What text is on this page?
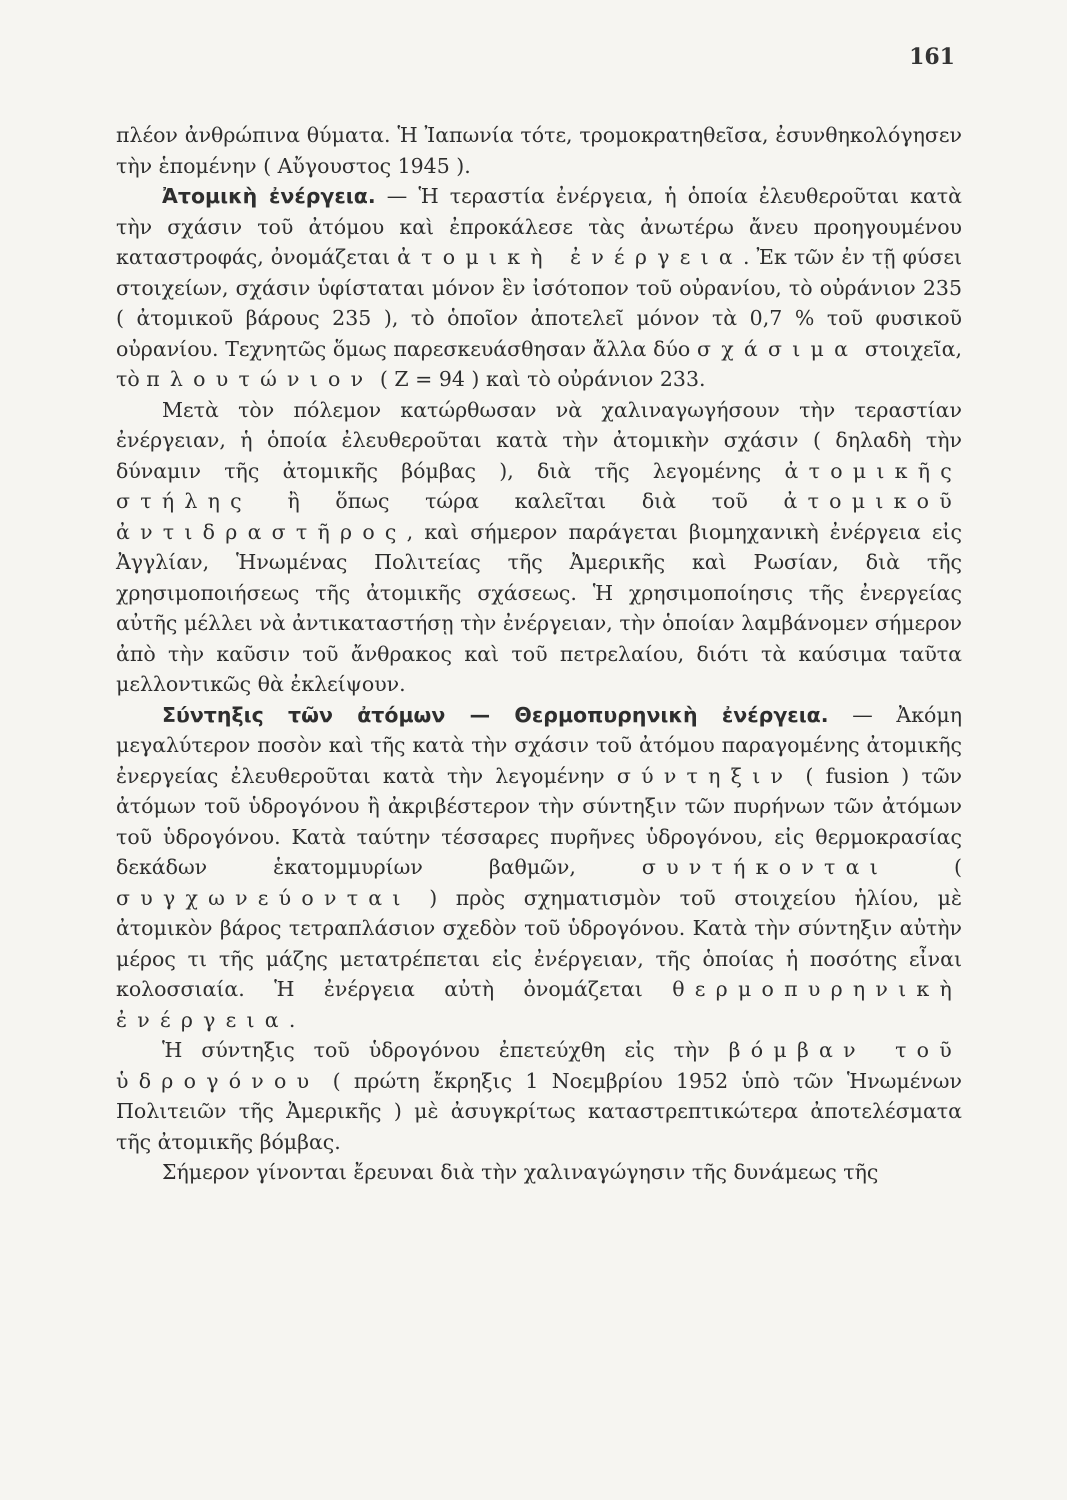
161

πλέον ἀνθρώπινα θύματα. Ἡ Ἰαπωνία τότε, τρομοκρατηθεῖσα, ἐσυνθηκολόγησεν τὴν ἑπομένην ( Αὔγουστος 1945 ).

Ἀτομικὴ ἐνέργεια. — Ἡ τεραστία ἐνέργεια, ἡ ὁποία ἐλευθεροῦται κατὰ τὴν σχάσιν τοῦ ἀτόμου καὶ ἐπροκάλεσε τὰς ἀνωτέρω ἄνευ προηγουμένου καταστροφάς, ὀνομάζεται ἀτομικὴ ἐνέργεια. Ἐκ τῶν ἐν τῇ φύσει στοιχείων, σχάσιν ὑφίσταται μόνον ἓν ἰσότοπον τοῦ οὐρανίου, τὸ οὐράνιον 235 ( ἀτομικοῦ βάρους 235 ), τὸ ὁποῖον ἀποτελεῖ μόνον τὰ 0,7 % τοῦ φυσικοῦ οὐρανίου. Τεχνητῶς ὅμως παρεσκευάσθησαν ἄλλα δύο σχάσιμα στοιχεῖα, τὸ πλουτώνιον ( Z = 94 ) καὶ τὸ οὐράνιον 233.

Μετὰ τὸν πόλεμον κατώρθωσαν νὰ χαλιναγωγήσουν τὴν τεραστίαν ἐνέργειαν, ἡ ὁποία ἐλευθεροῦται κατὰ τὴν ἀτομικὴν σχάσιν ( δηλαδὴ τὴν δύναμιν τῆς ἀτομικῆς βόμβας ), διὰ τῆς λεγομένης ἀτομικῆς στήλης ἢ ὅπως τώρα καλεῖται διὰ τοῦ ἀτομικοῦ ἀντιδραστῆρος, καὶ σήμερον παράγεται βιομηχανικὴ ἐνέργεια εἰς Ἀγγλίαν, Ἡνωμένας Πολιτείας τῆς Ἀμερικῆς καὶ Ρωσίαν, διὰ τῆς χρησιμοποιήσεως τῆς ἀτομικῆς σχάσεως. Ἡ χρησιμοποίησις τῆς ἐνεργείας αὐτῆς μέλλει νὰ ἀντικαταστήσῃ τὴν ἐνέργειαν, τὴν ὁποίαν λαμβάνομεν σήμερον ἀπὸ τὴν καῦσιν τοῦ ἄνθρακος καὶ τοῦ πετρελαίου, διότι τὰ καύσιμα ταῦτα μελλοντικῶς θὰ ἐκλείψουν.

Σύντηξις τῶν ἀτόμων — Θερμοπυρηνικὴ ἐνέργεια. — Ἀκόμη μεγαλύτερον ποσὸν καὶ τῆς κατὰ τὴν σχάσιν τοῦ ἀτόμου παραγομένης ἀτομικῆς ἐνεργείας ἐλευθεροῦται κατὰ τὴν λεγομένην σύντηξιν ( fusion ) τῶν ἀτόμων τοῦ ὑδρογόνου ἢ ἀκριβέστερον τὴν σύντηξιν τῶν πυρήνων τῶν ἀτόμων τοῦ ὑδρογόνου. Κατὰ ταύτην τέσσαρες πυρῆνες ὑδρογόνου, εἰς θερμοκρασίας δεκάδων ἑκατομμυρίων βαθμῶν, συντήκονται ( συγχωνεύονται ) πρὸς σχηματισμὸν τοῦ στοιχείου ἡλίου, μὲ ἀτομικὸν βάρος τετραπλάσιον σχεδὸν τοῦ ὑδρογόνου. Κατὰ τὴν σύντηξιν αὐτὴν μέρος τι τῆς μάζης μετατρέπεται εἰς ἐνέργειαν, τῆς ὁποίας ἡ ποσότης εἶναι κολοσσιαία. Ἡ ἐνέργεια αὐτὴ ὀνομάζεται θερμοπυρηνικὴ ἐνέργεια.

Ἡ σύντηξις τοῦ ὑδρογόνου ἐπετεύχθη εἰς τὴν βόμβαν τοῦ ὑδρογόνου ( πρώτη ἔκρηξις 1 Νοεμβρίου 1952 ὑπὸ τῶν Ἡνωμένων Πολιτειῶν τῆς Ἀμερικῆς ) μὲ ἀσυγκρίτως καταστρεπτικώτερα ἀποτελέσματα τῆς ἀτομικῆς βόμβας.

Σήμερον γίνονται ἔρευναι διὰ τὴν χαλιναγώγησιν τῆς δυνάμεως τῆς
